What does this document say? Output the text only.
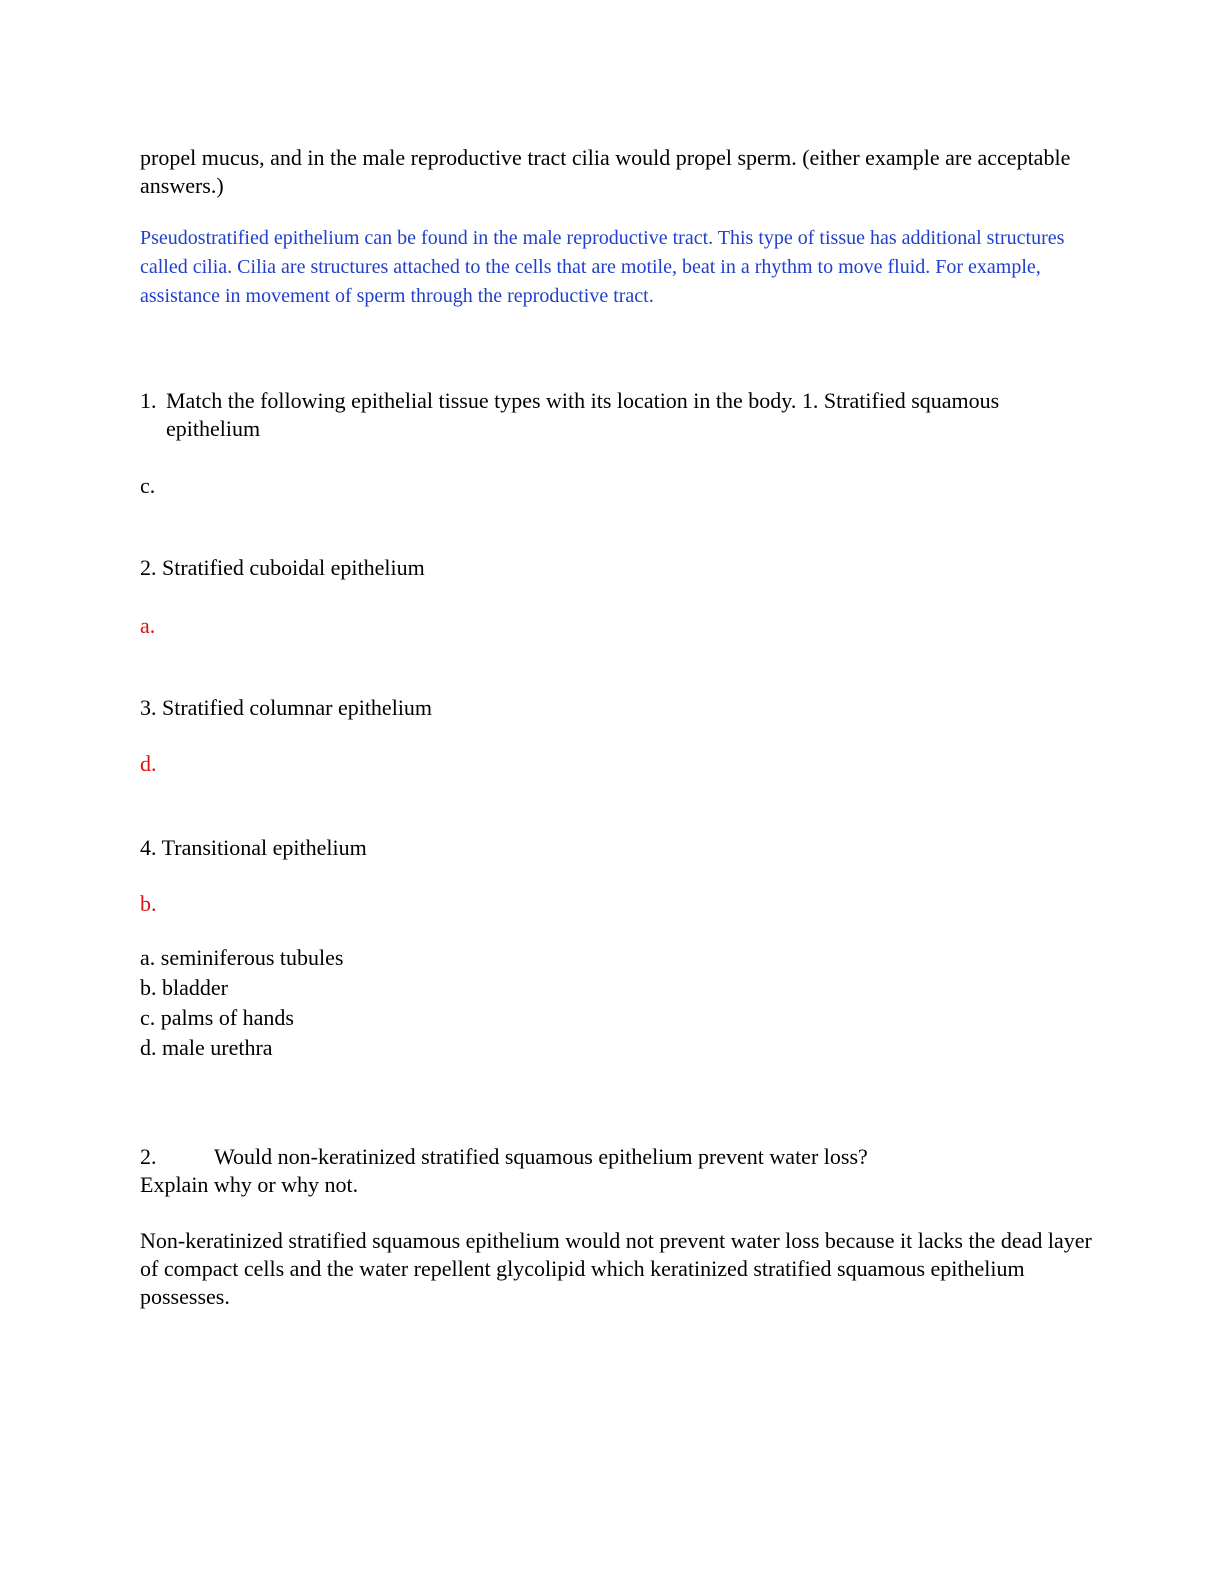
propel mucus, and in the male reproductive tract cilia would propel sperm. (either example are acceptable answers.)

Pseudostratified epithelium can be found in the male reproductive tract. This type of tissue has additional structures called cilia. Cilia are structures attached to the cells that are motile, beat in a rhythm to move fluid. For example, assistance in movement of sperm through the reproductive tract.

1. Match the following epithelial tissue types with its location in the body. 1. Stratified squamous
epithelium

c.

2. Stratified cuboidal epithelium

a.

3. Stratified columnar epithelium

d.

4. Transitional epithelium

b.

a. seminiferous tubules
b. bladder
c. palms of hands
d. male urethra
2.	Would non-keratinized stratified squamous epithelium prevent water loss?
Explain why or why not.

Non-keratinized stratified squamous epithelium would not prevent water loss because it lacks the dead layer of compact cells and the water repellent glycolipid which keratinized stratified squamous epithelium possesses.
